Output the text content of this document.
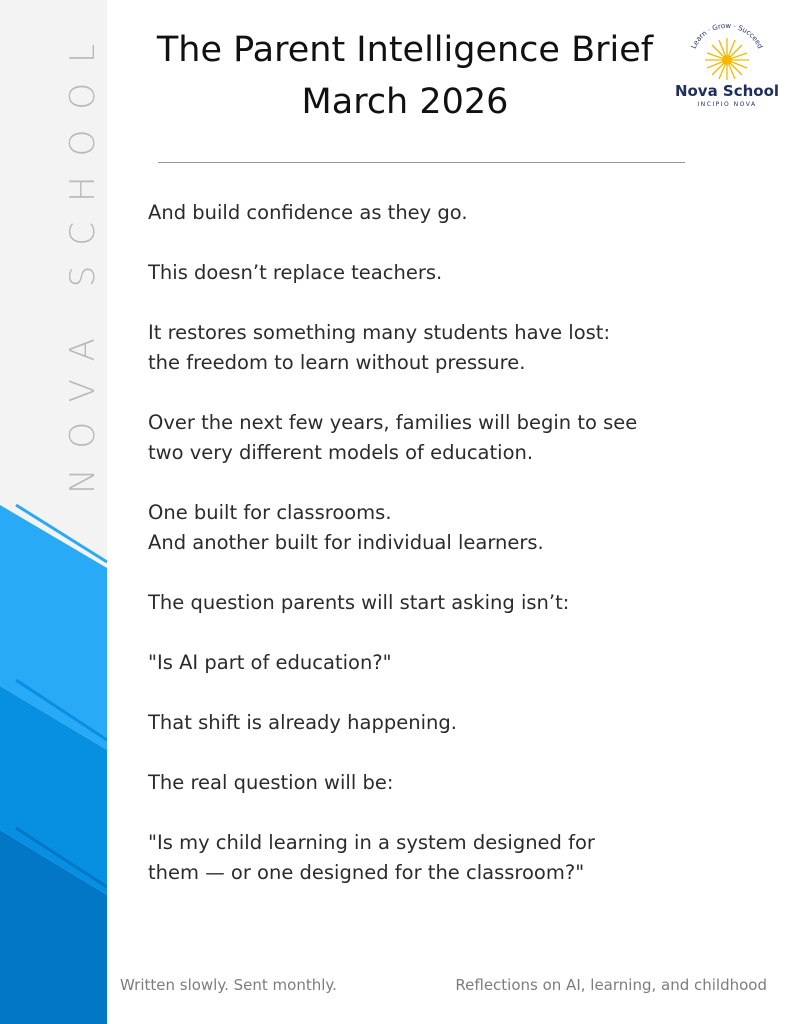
NOVA SCHOOL	The Parent Intelligence Brief
March 2026
Learn · Grow · Succeed
Nova School
INCIPIO NOVA
And build confidence as they go.
This doesn’t replace teachers.
It restores something many students have lost:
the freedom to learn without pressure.
Over the next few years, families will begin to see
two very different models of education.
One built for classrooms.
And another built for individual learners.
The question parents will start asking isn’t:
"Is AI part of education?"
That shift is already happening.
The real question will be:
"Is my child learning in a system designed for
them — or one designed for the classroom?"
Written slowly. Sent monthly.	Reflections on AI, learning, and childhood
